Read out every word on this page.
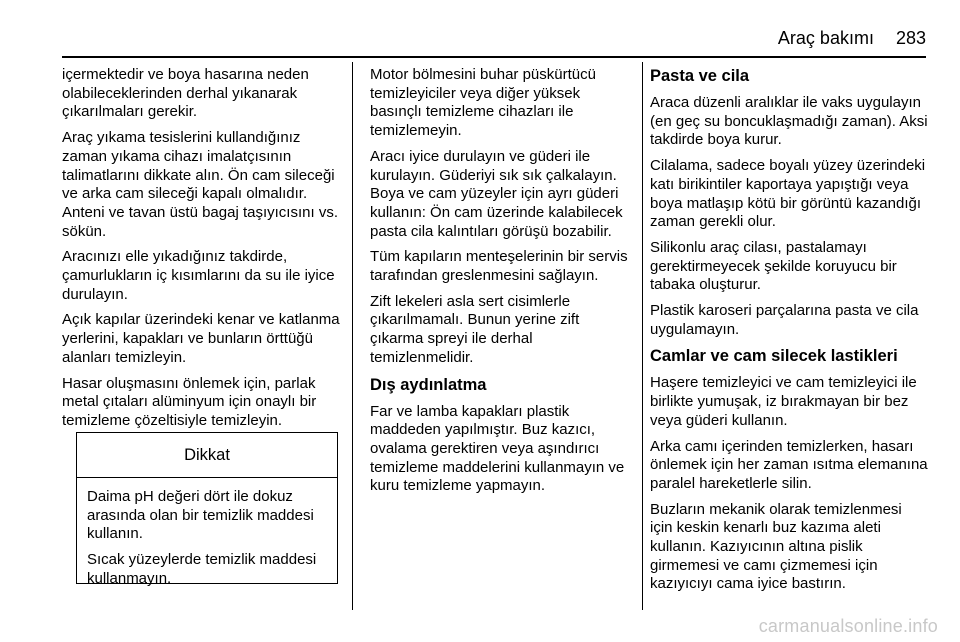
Araç bakımı 283

içermektedir ve boya hasarına neden olabileceklerinden derhal yıkanarak çıkarılmaları gerekir.

Araç yıkama tesislerini kullandığınız zaman yıkama cihazı imalatçısının talimatlarını dikkate alın. Ön cam sileceği ve arka cam sileceği kapalı olmalıdır. Anteni ve tavan üstü bagaj taşıyıcısını vs. sökün.

Aracınızı elle yıkadığınız takdirde, çamurlukların iç kısımlarını da su ile iyice durulayın.

Açık kapılar üzerindeki kenar ve katlanma yerlerini, kapakları ve bunların örttüğü alanları temizleyin.

Hasar oluşmasını önlemek için, parlak metal çıtaları alüminyum için onaylı bir temizleme çözeltisiyle temizleyin.

Dikkat

Daima pH değeri dört ile dokuz arasında olan bir temizlik maddesi kullanın.

Sıcak yüzeylerde temizlik maddesi kullanmayın.

Motor bölmesini buhar püskürtücü temizleyiciler veya diğer yüksek basınçlı temizleme cihazları ile temizlemeyin.

Aracı iyice durulayın ve güderi ile kurulayın. Güderiyi sık sık çalkalayın. Boya ve cam yüzeyler için ayrı güderi kullanın: Ön cam üzerinde kalabilecek pasta cila kalıntıları görüşü bozabilir.

Tüm kapıların menteşelerinin bir servis tarafından greslenmesini sağlayın.

Zift lekeleri asla sert cisimlerle çıkarılmamalı. Bunun yerine zift çıkarma spreyi ile derhal temizlenmelidir.

Dış aydınlatma

Far ve lamba kapakları plastik maddeden yapılmıştır. Buz kazıcı, ovalama gerektiren veya aşındırıcı temizleme maddelerini kullanmayın ve kuru temizleme yapmayın.

Pasta ve cila

Araca düzenli aralıklar ile vaks uygulayın (en geç su boncuklaşmadığı zaman). Aksi takdirde boya kurur.

Cilalama, sadece boyalı yüzey üzerindeki katı birikintiler kaportaya yapıştığı veya boya matlaşıp kötü bir görüntü kazandığı zaman gerekli olur.

Silikonlu araç cilası, pastalamayı gerektirmeyecek şekilde koruyucu bir tabaka oluşturur.

Plastik karoseri parçalarına pasta ve cila uygulamayın.

Camlar ve cam silecek lastikleri

Haşere temizleyici ve cam temizleyici ile birlikte yumuşak, iz bırakmayan bir bez veya güderi kullanın.

Arka camı içerinden temizlerken, hasarı önlemek için her zaman ısıtma elemanına paralel hareketlerle silin.

Buzların mekanik olarak temizlenmesi için keskin kenarlı buz kazıma aleti kullanın. Kazıyıcının altına pislik girmemesi ve camı çizmemesi için kazıyıcıyı cama iyice bastırın.

carmanualsonline.info
